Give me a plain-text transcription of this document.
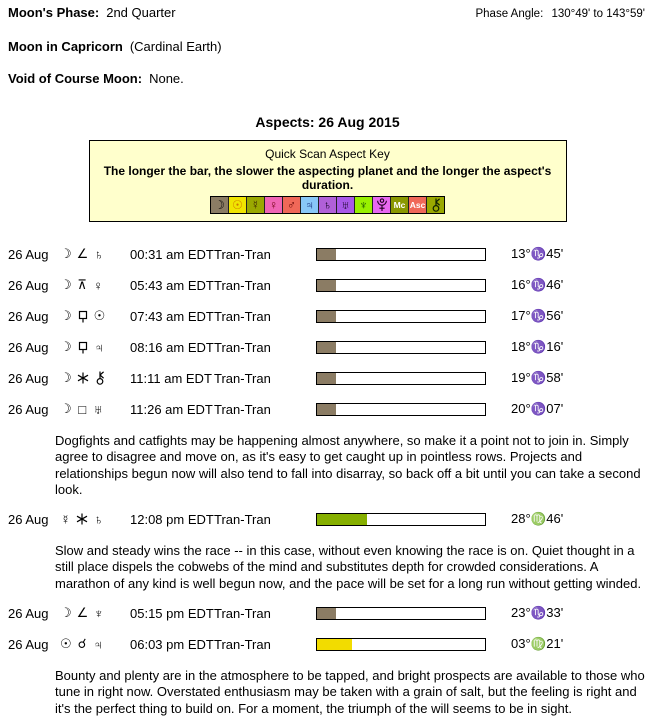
Moon's Phase: 2nd Quarter	Phase Angle: 130°49' to 143°59'
Moon in Capricorn (Cardinal Earth)
Void of Course Moon: None.
Aspects: 26 Aug 2015
Quick Scan Aspect Key
The longer the bar, the slower the aspecting planet and the longer the aspect's duration.
☽ ☉ ☿ ♀ ♂ ♃ ♄ ♅ ♆	Mc Asc
26 Aug ☽ ∠ ♄ 00:31 am EDT Tran-Tran	13°♑45'
26 Aug ☽ ⊼ ♀ 05:43 am EDT Tran-Tran	16°♑46'
26 Aug ☽ ☉ 07:43 am EDT Tran-Tran	17°♑56'
26 Aug ☽ ♃ 08:16 am EDT Tran-Tran	18°♑16'
26 Aug ☽	11:11 am EDT Tran-Tran	19°♑58'
26 Aug ☽ □ ♅ 11:26 am EDT Tran-Tran	20°♑07'
Dogfights and catfights may be happening almost anywhere, so make it a point not to join in. Simply agree to disagree and move on, as it's easy to get caught up in pointless rows. Projects and relationships begun now will also tend to fall into disarray, so back off a bit until you can take a second look.
26 Aug ☿ ♄ 12:08 pm EDT Tran-Tran	28°♍46'
Slow and steady wins the race -- in this case, without even knowing the race is on. Quiet thought in a still place dispels the cobwebs of the mind and substitutes depth for crowded considerations. A marathon of any kind is well begun now, and the pace will be set for a long run without getting winded.
26 Aug ☽ ∠ ♆ 05:15 pm EDT Tran-Tran	23°♑33'
26 Aug ☉ ☌ ♃ 06:03 pm EDT Tran-Tran	03°♍21'
Bounty and plenty are in the atmosphere to be tapped, and bright prospects are available to those who tune in right now. Overstated enthusiasm may be taken with a grain of salt, but the feeling is right and it's the perfect thing to build on. For a moment, the triumph of the will seems to be in sight.
